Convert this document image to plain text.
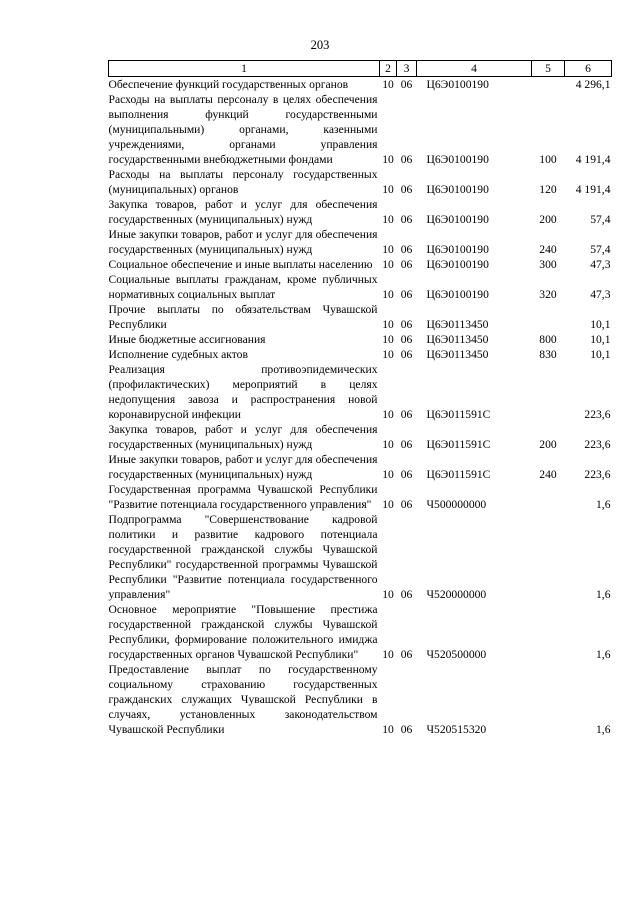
203
1	2	3	4	5	6
Обеспечение функций государственных органов	10	06	Ц6Э0100190		4 296,1
Расходы на выплаты персоналу в целях обеспечения выполнения функций государственными (муниципальными) органами, казенными учреждениями, органами управления государственными внебюджетными фондами	10	06	Ц6Э0100190	100	4 191,4
Расходы на выплаты персоналу государственных (муниципальных) органов	10	06	Ц6Э0100190	120	4 191,4
Закупка товаров, работ и услуг для обеспечения государственных (муниципальных) нужд	10	06	Ц6Э0100190	200	57,4
Иные закупки товаров, работ и услуг для обеспечения государственных (муниципальных) нужд	10	06	Ц6Э0100190	240	57,4
Социальное обеспечение и иные выплаты населению	10	06	Ц6Э0100190	300	47,3
Социальные выплаты гражданам, кроме публичных нормативных социальных выплат	10	06	Ц6Э0100190	320	47,3
Прочие выплаты по обязательствам Чувашской Республики	10	06	Ц6Э0113450		10,1
Иные бюджетные ассигнования	10	06	Ц6Э0113450	800	10,1
Исполнение судебных актов	10	06	Ц6Э0113450	830	10,1
Реализация противоэпидемических (профилактических) мероприятий в целях недопущения завоза и распространения новой коронавирусной инфекции	10	06	Ц6Э011591С		223,6
Закупка товаров, работ и услуг для обеспечения государственных (муниципальных) нужд	10	06	Ц6Э011591С	200	223,6
Иные закупки товаров, работ и услуг для обеспечения государственных (муниципальных) нужд	10	06	Ц6Э011591С	240	223,6
Государственная программа Чувашской Республики "Развитие потенциала государственного управления"	10	06	Ч500000000		1,6
Подпрограмма "Совершенствование кадровой политики и развитие кадрового потенциала государственной гражданской службы Чувашской Республики" государственной программы Чувашской Республики "Развитие потенциала государственного управления"	10	06	Ч520000000		1,6
Основное мероприятие "Повышение престижа государственной гражданской службы Чувашской Республики, формирование положительного имиджа государственных органов Чувашской Республики"	10	06	Ч520500000		1,6
Предоставление выплат по государственному социальному страхованию государственных гражданских служащих Чувашской Республики в случаях, установленных законодательством Чувашской Республики	10	06	Ч520515320		1,6
